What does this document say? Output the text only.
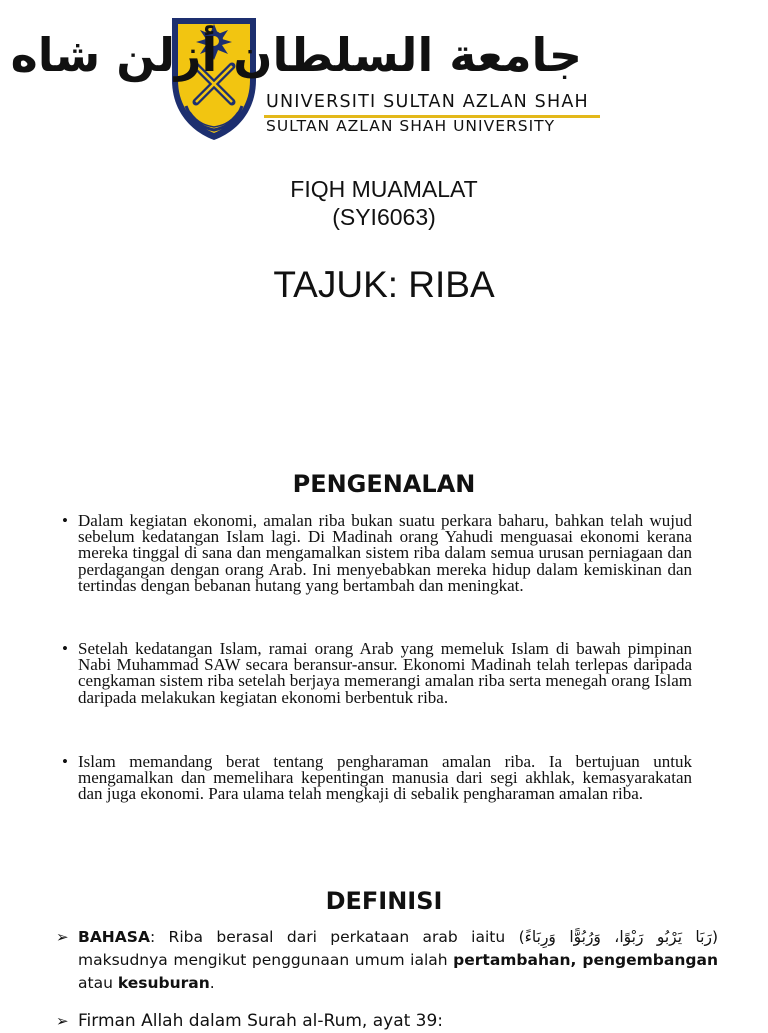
جامعة السلطان أزلن شاه
UNIVERSITI SULTAN AZLAN SHAH
SULTAN AZLAN SHAH UNIVERSITY
FIQH MUAMALAT
(SYI6063)
TAJUK: RIBA
PENGENALAN
• Dalam kegiatan ekonomi, amalan riba bukan suatu perkara baharu, bahkan telah wujud sebelum kedatangan Islam lagi. Di Madinah orang Yahudi menguasai ekonomi kerana mereka tinggal di sana dan mengamalkan sistem riba dalam semua urusan perniagaan dan perdagangan dengan orang Arab. Ini menyebabkan mereka hidup dalam kemiskinan dan tertindas dengan bebanan hutang yang bertambah dan meningkat.
• Setelah kedatangan Islam, ramai orang Arab yang memeluk Islam di bawah pimpinan Nabi Muhammad SAW secara beransur-ansur. Ekonomi Madinah telah terlepas daripada cengkaman sistem riba setelah berjaya memerangi amalan riba serta menegah orang Islam daripada melakukan kegiatan ekonomi berbentuk riba.
• Islam memandang berat tentang pengharaman amalan riba. Ia bertujuan untuk mengamalkan dan memelihara kepentingan manusia dari segi akhlak, kemasyarakatan dan juga ekonomi. Para ulama telah mengkaji di sebalik pengharaman amalan riba.
DEFINISI
➢ BAHASA: Riba berasal dari perkataan arab iaitu (رَبَا يَرْبُو رَبْوًا، وَرُبُوًّا وَرِبَاءً) maksudnya mengikut penggunaan umum ialah pertambahan, pengembangan atau kesuburan.
➢ Firman Allah dalam Surah al-Rum, ayat 39:
